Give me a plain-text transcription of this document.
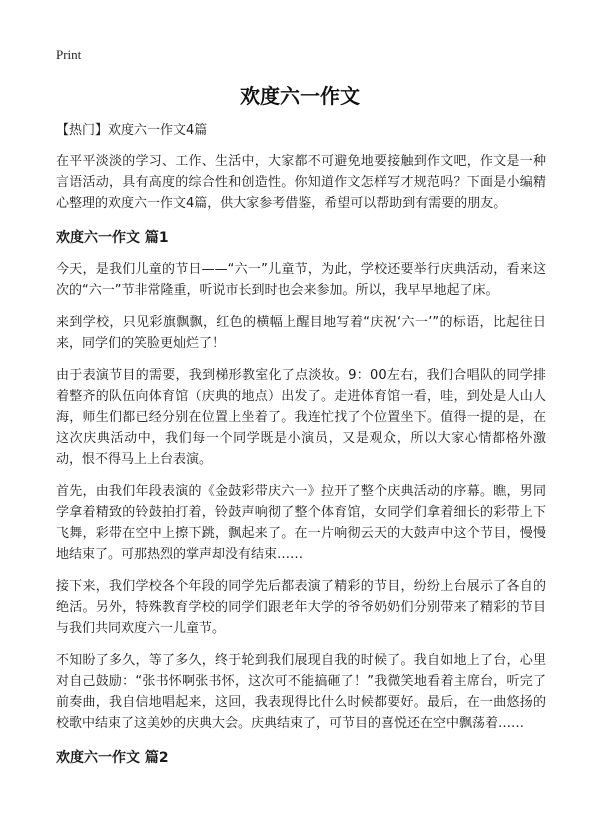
Print
欢度六一作文

【热门】欢度六一作文4篇

在平平淡淡的学习、工作、生活中，大家都不可避免地要接触到作文吧，作文是一种言语活动，具有高度的综合性和创造性。你知道作文怎样写才规范吗？下面是小编精心整理的欢度六一作文4篇，供大家参考借鉴，希望可以帮助到有需要的朋友。

欢度六一作文 篇1

今天，是我们儿童的节日——“六一”儿童节，为此，学校还要举行庆典活动，看来这次的“六一”节非常隆重，听说市长到时也会来参加。所以，我早早地起了床。

来到学校，只见彩旗飘飘，红色的横幅上醒目地写着“庆祝‘六一’”的标语，比起往日来，同学们的笑脸更灿烂了！

由于表演节目的需要，我到梯形教室化了点淡妆。9：00左右，我们合唱队的同学排着整齐的队伍向体育馆（庆典的地点）出发了。走进体育馆一看，哇，到处是人山人海，师生们都已经分别在位置上坐着了。我连忙找了个位置坐下。值得一提的是，在这次庆典活动中，我们每一个同学既是小演员，又是观众，所以大家心情都格外激动，恨不得马上上台表演。

首先，由我们年段表演的《金鼓彩带庆六一》拉开了整个庆典活动的序幕。瞧，男同学拿着精致的铃鼓拍打着，铃鼓声响彻了整个体育馆，女同学们拿着细长的彩带上下飞舞，彩带在空中上擦下跳，飘起来了。在一片响彻云天的大鼓声中这个节目，慢慢地结束了。可那热烈的掌声却没有结束……

接下来，我们学校各个年段的同学先后都表演了精彩的节目，纷纷上台展示了各自的绝活。另外，特殊教育学校的同学们跟老年大学的爷爷奶奶们分别带来了精彩的节目与我们共同欢度六一儿童节。

不知盼了多久，等了多久，终于轮到我们展现自我的时候了。我自如地上了台，心里对自己鼓励：“张书怀啊张书怀，这次可不能搞砸了！”我微笑地看着主席台，听完了前奏曲，我自信地唱起来，这回，我表现得比什么时候都要好。最后，在一曲悠扬的校歌中结束了这美妙的庆典大会。庆典结束了，可节目的喜悦还在空中飘荡着……

欢度六一作文 篇2
